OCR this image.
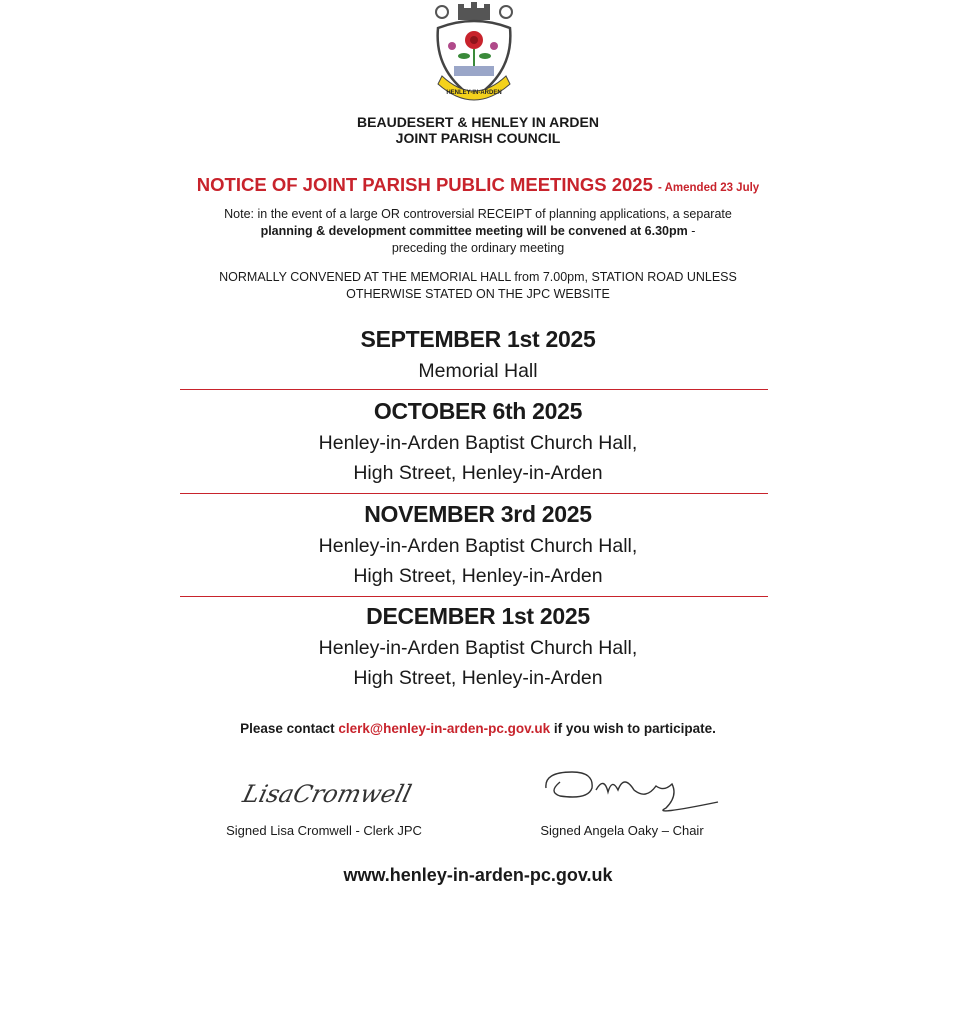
HENLEY-IN-ARDEN
BEAUDESERT & HENLEY IN ARDEN
JOINT PARISH COUNCIL
NOTICE OF JOINT PARISH PUBLIC MEETINGS 2025 - Amended 23 July
Note: in the event of a large OR controversial RECEIPT of planning applications, a separate
planning & development committee meeting will be convened at 6.30pm -
preceding the ordinary meeting
NORMALLY CONVENED AT THE MEMORIAL HALL from 7.00pm, STATION ROAD UNLESS
OTHERWISE STATED ON THE JPC WEBSITE
SEPTEMBER 1st 2025
Memorial Hall
OCTOBER 6th 2025
Henley-in-Arden Baptist Church Hall,
High Street, Henley-in-Arden
NOVEMBER 3rd 2025
Henley-in-Arden Baptist Church Hall,
High Street, Henley-in-Arden
DECEMBER 1st 2025
Henley-in-Arden Baptist Church Hall,
High Street, Henley-in-Arden
Please contact clerk@henley-in-arden-pc.gov.uk if you wish to participate.
LisaCromwell
Signed Lisa Cromwell - Clerk JPC	Signed Angela Oaky – Chair
www.henley-in-arden-pc.gov.uk
